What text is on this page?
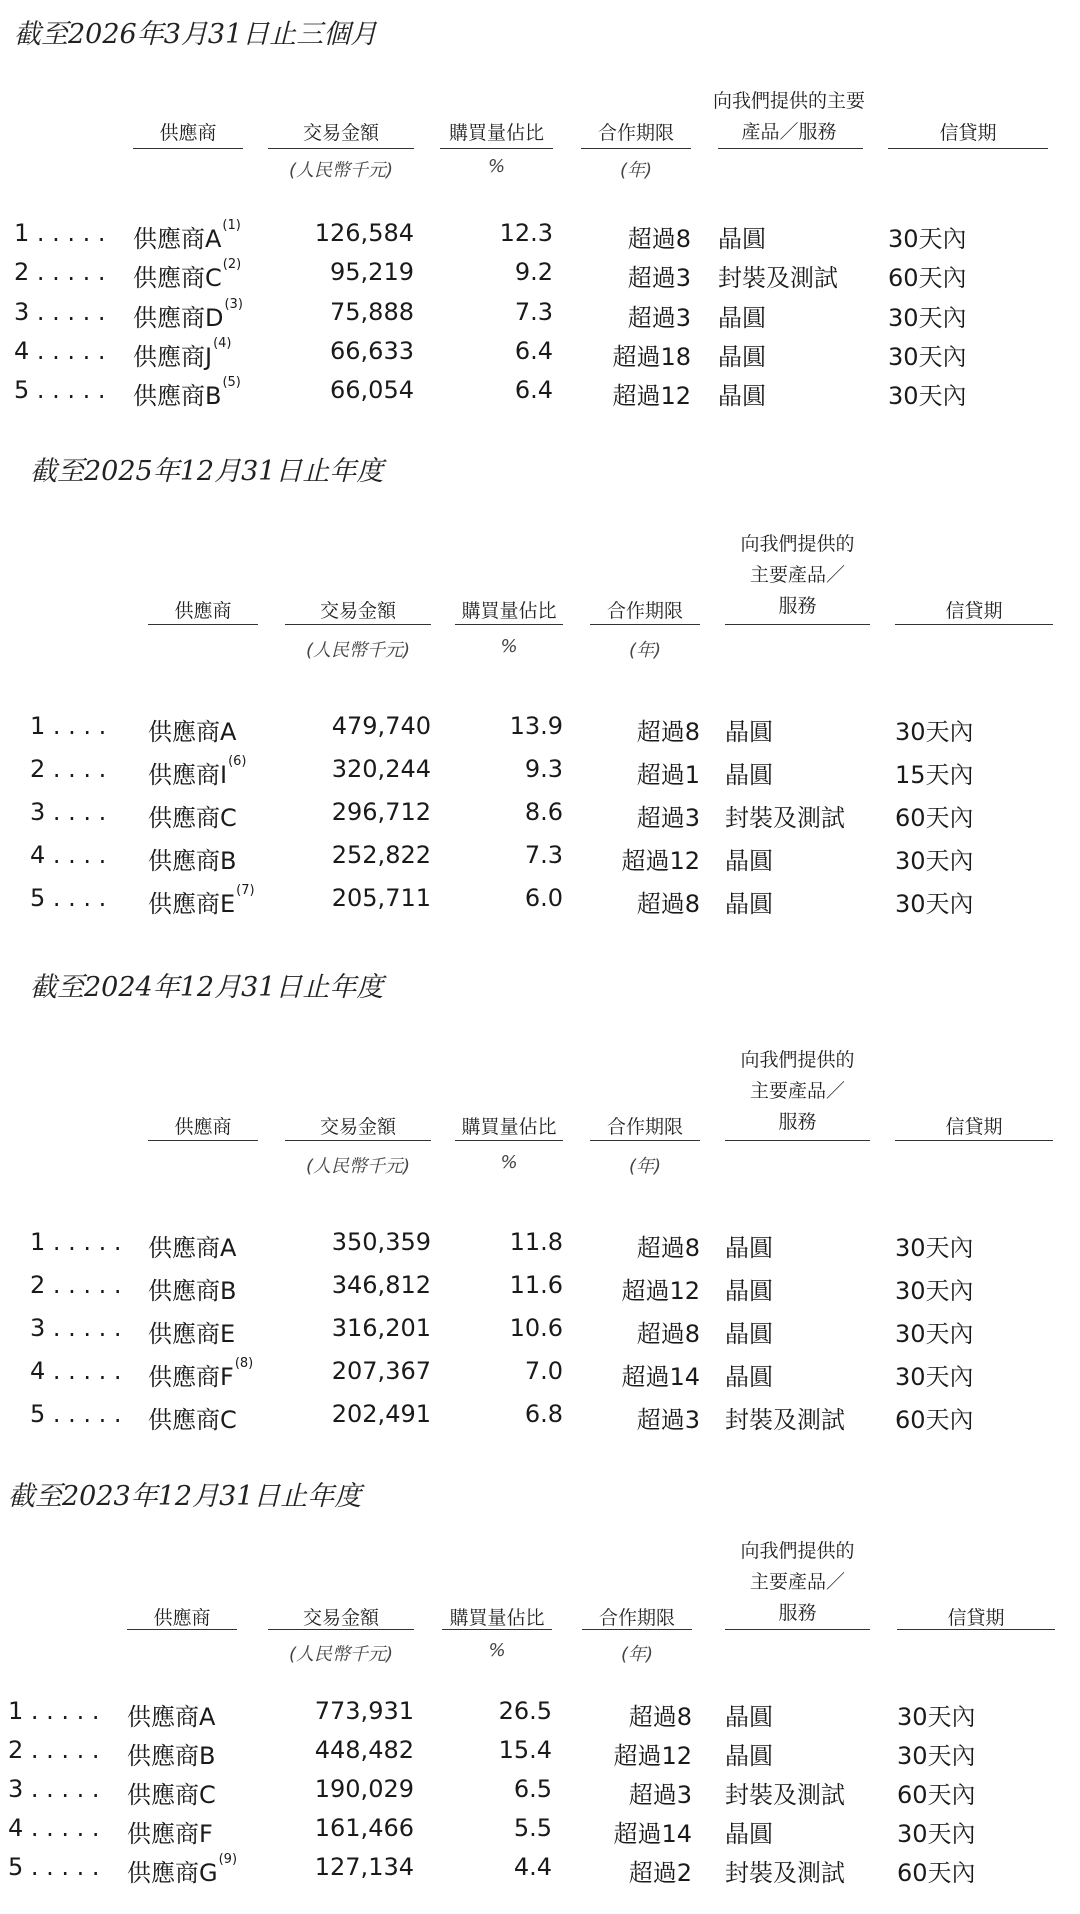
截至2026年3月31日止三個月
向我們提供的主要
產品／服務
供應商	交易金額	購買量佔比	合作期限	信貸期
(人民幣千元)	%	(年)
1 . . . . . 供應商$A^{(1)}$	126,584	12.3	超過8 晶圓	30天內
2 . . . . . 供應商$C^{(2)}$	95,219	9.2	超過3 封裝及測試 60天內
3 . . . . . 供應商$D^{(3)}$	75,888	7.3	超過3 晶圓	30天內
4 . . . . . 供應商$J^{(4)}$	66,633	6.4	超過18 晶圓	30天內
5 . . . . . 供應商$B^{(5)}$	66,054	6.4	超過12 晶圓	30天內
截至2025年12月31日止年度
向我們提供的
主要產品／
服務
供應商	交易金額	購買量佔比	合作期限	信貸期
(人民幣千元)	%	(年)
1 . . . . 供應商A	479,740	13.9	超過8 晶圓	30天內
2 . . . . 供應商$I^{(6)}$	320,244	9.3	超過1 晶圓	15天內
3 . . . . 供應商C	296,712	8.6	超過3 封裝及測試 60天內
4 . . . . 供應商B	252,822	7.3	超過12 晶圓	30天內
5 . . . . 供應商$E^{(7)}$	205,711	6.0	超過8 晶圓	30天內
截至2024年12月31日止年度
向我們提供的
主要產品／
服務
供應商	交易金額	購買量佔比	合作期限	信貸期
(人民幣千元)	%	(年)
1 . . . . . 供應商A	350,359	11.8	超過8 晶圓	30天內
2 . . . . . 供應商B	346,812	11.6	超過12 晶圓	30天內
3 . . . . . 供應商E	316,201	10.6	超過8 晶圓	30天內
4 . . . . . 供應商$F^{(8)}$	207,367	7.0	超過14 晶圓	30天內
5 . . . . . 供應商C	202,491	6.8	超過3 封裝及測試 60天內
截至2023年12月31日止年度
向我們提供的
主要產品／
服務
供應商	交易金額	購買量佔比	合作期限	信貸期
(人民幣千元)	%	(年)
1 . . . . . 供應商A	773,931	26.5	超過8 晶圓	30天內
2 . . . . . 供應商B	448,482	15.4	超過12 晶圓	30天內
3 . . . . . 供應商C	190,029	6.5	超過3 封裝及測試 60天內
4 . . . . . 供應商F	161,466	5.5	超過14 晶圓	30天內
5 . . . . . 供應商$G^{(9)}$	127,134	4.4	超過2 封裝及測試 60天內
